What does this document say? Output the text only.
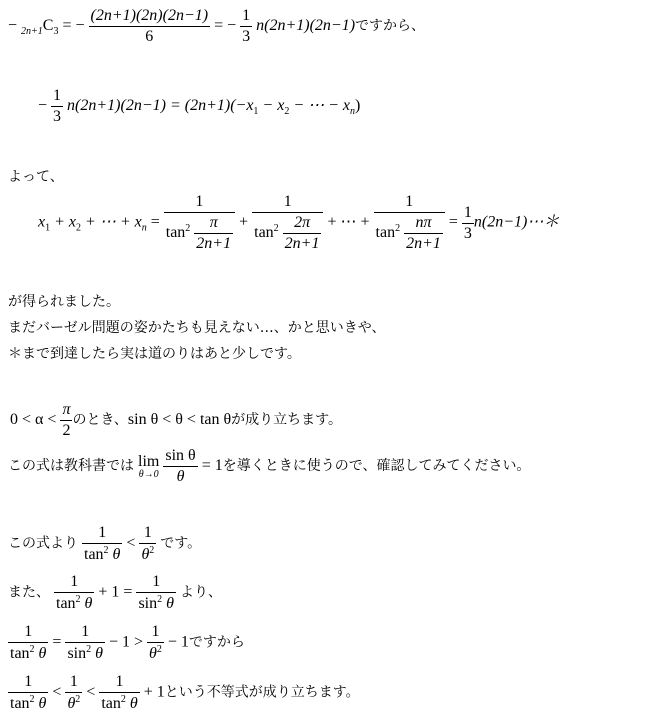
− $_{2n+1}C_3$ = − $\frac{(2n+1)(2n)(2n-1)}{6}$ = − $\frac{1}{3} n(2n+1)(2n-1)$ですから、
− $\frac{1}{3} n(2n+1)(2n-1) = (2n+1)(-x_1 - x_2$ − ⋯ − $x_n$)
よって、
$x_1 + x_2$ + ⋯ + $x_n = \frac{1}{\tan^2 \frac{\pi}{2n+1}} + \frac{1}{\tan^2 \frac{2\pi}{2n+1}}$ + ⋯ + $\frac{1}{\tan^2 \frac{n\pi}{2n+1}} = \frac{1}{3}$ n(2n−1)⋯＊
が得られました。
まだバーゼル問題の姿かたちも見えない…、かと思いきや、
＊まで到達したら実は道のりはあと少しです。
$0 < \alpha < \frac{\pi}{2}$ のとき、sin θ < θ < tan θが成り立ちます。
この式は教科書では lim
θ→0
$\frac{\text{sin θ}}{\theta} = 1$を導くときに使うので、確認してみてください。
この式より $\frac{1}{\tan^2 \theta} < \frac{1}{\theta^2}$ です。
また、 $\frac{1}{\tan^2 \theta} + 1 = \frac{1}{\sin^2 \theta}$ より、
$\frac{1}{\tan^2 \theta} = \frac{1}{\sin^2 \theta} - 1 > \frac{1}{\theta^2} - 1$ですから
$\frac{1}{\tan^2 \theta} < \frac{1}{\theta^2} < \frac{1}{\tan^2 \theta} + 1$という不等式が成り立ちます。
